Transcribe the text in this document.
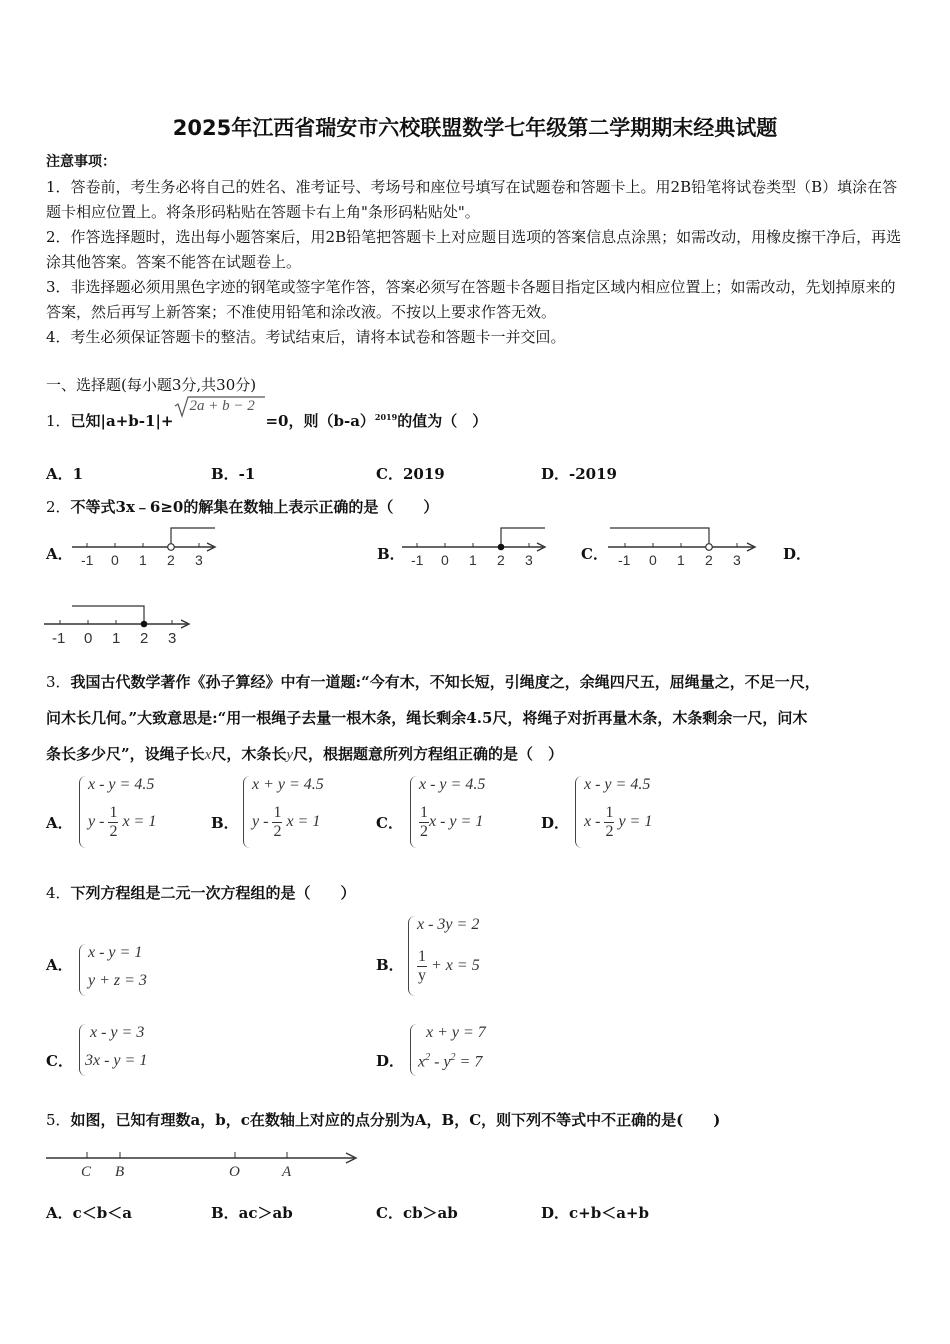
2025年江西省瑞安市六校联盟数学七年级第二学期期末经典试题
注意事项：
1．答卷前，考生务必将自己的姓名、准考证号、考场号和座位号填写在试题卷和答题卡上。用2B铅笔将试卷类型（B）填涂在答题卡相应位置上。将条形码粘贴在答题卡右上角"条形码粘贴处"。
2．作答选择题时，选出每小题答案后，用2B铅笔把答题卡上对应题目选项的答案信息点涂黑；如需改动，用橡皮擦干净后，再选涂其他答案。答案不能答在试题卷上。
3．非选择题必须用黑色字迹的钢笔或签字笔作答，答案必须写在答题卡各题目指定区域内相应位置上；如需改动，先划掉原来的答案，然后再写上新答案；不准使用铅笔和涂改液。不按以上要求作答无效。
4．考生必须保证答题卡的整洁。考试结束后，请将本试卷和答题卡一并交回。
一、选择题(每小题3分,共30分)
1．已知|a+b-1|+
2a + b − 2
=0，则$(b-a)^{2019}$的值为（　）
A．1	B．-1	C．2019	D．-2019
2．不等式3x﹣6≥0的解集在数轴上表示正确的是（　　）
A．	B．	C．	D．
-1 0 1 2 3	-1 0 1 2 3	-1 0 1 2 3
-1 0 1 2 3
3．我国古代数学著作《孙子算经》中有一道题:“今有木，不知长短，引绳度之，余绳四尺五，屈绳量之，不足一尺，
问木长几何。”大致意思是:“用一根绳子去量一根木条，绳长剩余4.5尺，将绳子对折再量木条，木条剩余一尺，问木
条长多少尺”，设绳子长x尺，木条长y尺，根据题意所列方程组正确的是（　）
A．	B．	C．	D．
x - y = 4.5
y - $\frac{1}{2}$ x = 1
x + y = 4.5
y - $\frac{1}{2}$ x = 1
x - y = 4.5
$\frac{1}{2}$ x - y = 1
x - y = 4.5
x - $\frac{1}{2}$ y = 1
4．下列方程组是二元一次方程组的是（　　）
A．	B．
C．	D．
x - y = 1
y + z = 3
x - 3y = 2
$\frac{1}{y} + x = 5$
x - y = 3
3x - y = 1
x + y = 7
$x^2 - y^2 = 7$
5．如图，已知有理数a，b，c在数轴上对应的点分别为A，B，C，则下列不等式中不正确的是(　　)
C B	O	A
A．c＜b＜a	B．ac＞ab	C．cb＞ab	D．c+b＜a+b
